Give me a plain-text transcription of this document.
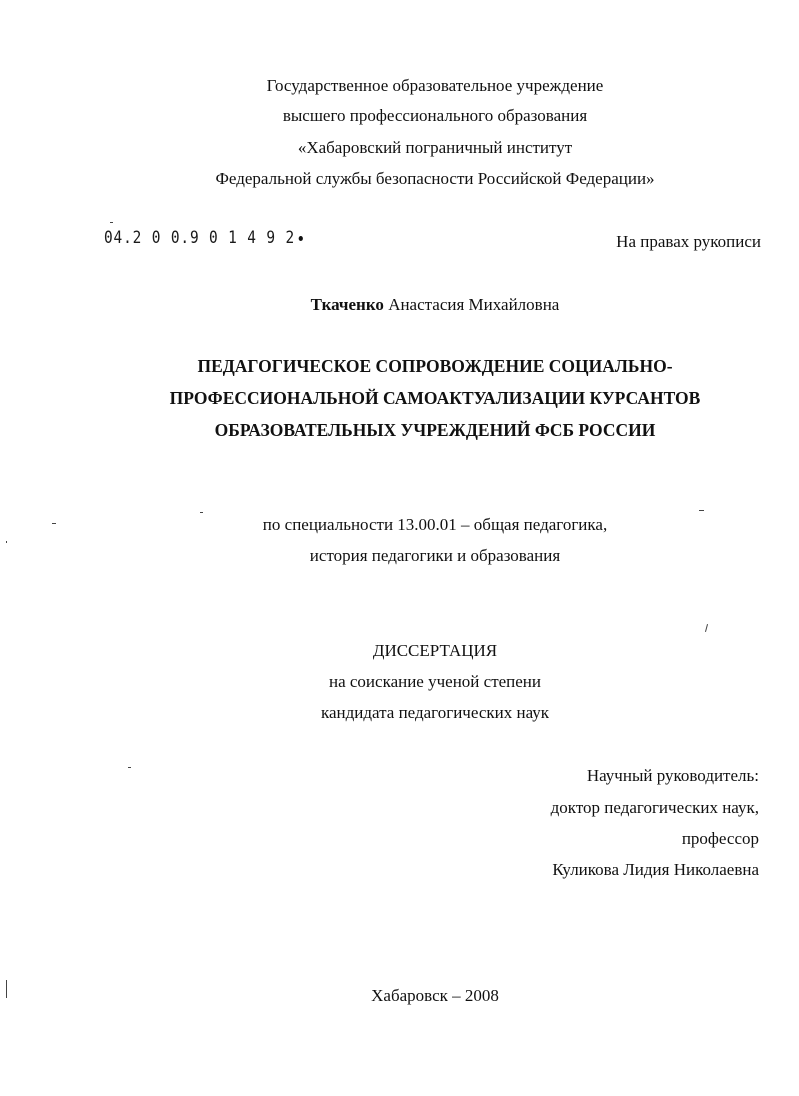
Государственное образовательное учреждение
высшего профессионального образования
«Хабаровский пограничный институт
Федеральной службы безопасности Российской Федерации»
04.2 0 0.9 0 1 4 9 2	На правах рукописи
Ткаченко Анастасия Михайловна
ПЕДАГОГИЧЕСКОЕ СОПРОВОЖДЕНИЕ СОЦИАЛЬНО-
ПРОФЕССИОНАЛЬНОЙ САМОАКТУАЛИЗАЦИИ КУРСАНТОВ
ОБРАЗОВАТЕЛЬНЫХ УЧРЕЖДЕНИЙ ФСБ РОССИИ
по специальности 13.00.01 – общая педагогика,
история педагогики и образования
ДИССЕРТАЦИЯ
на соискание ученой степени
кандидата педагогических наук
Научный руководитель:
доктор педагогических наук,
профессор
Куликова Лидия Николаевна
Хабаровск – 2008
